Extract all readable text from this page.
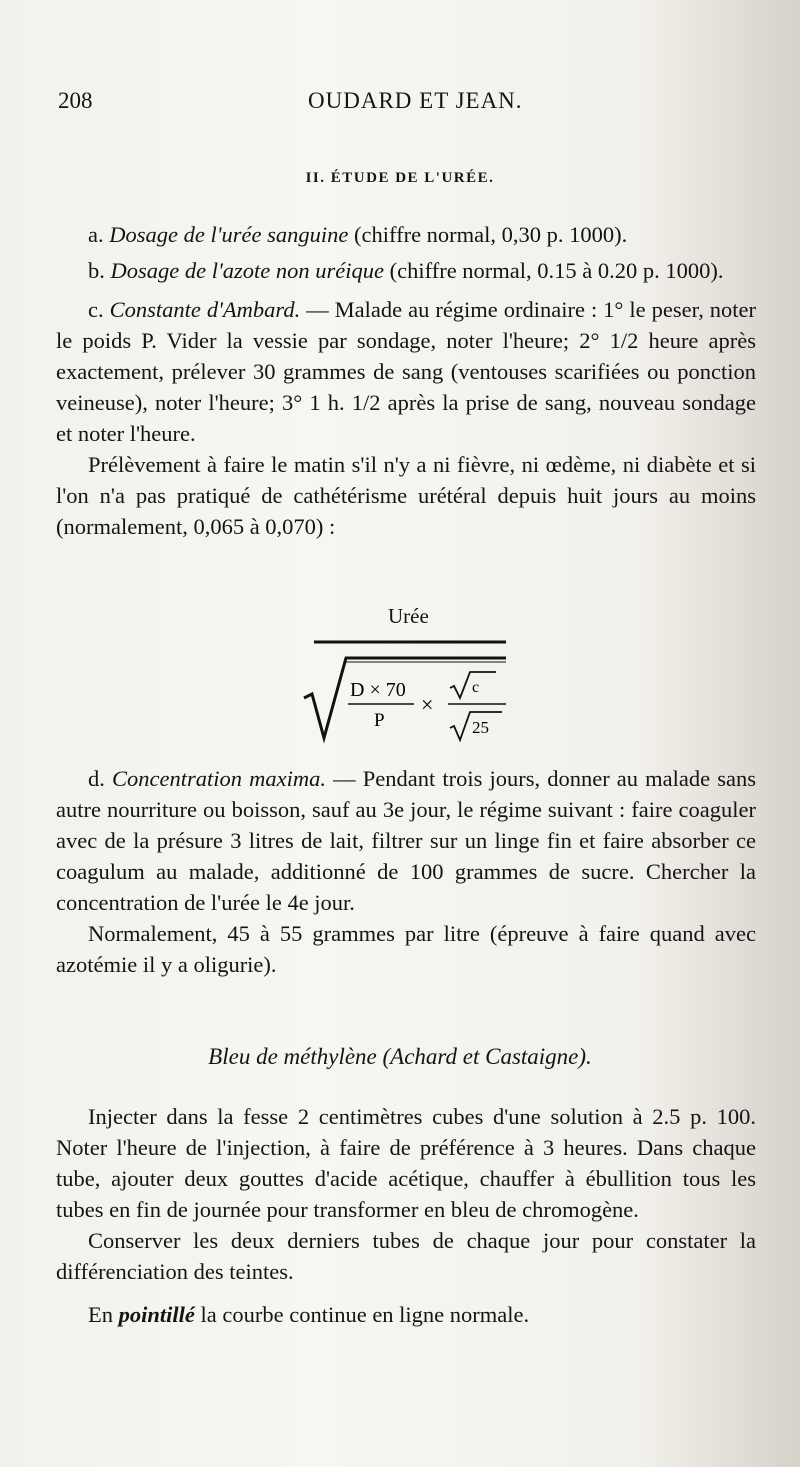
208	OUDARD ET JEAN.
II. ÉTUDE DE L'URÉE.

a. Dosage de l'urée sanguine (chiffre normal, 0,30 p. 1000).

b. Dosage de l'azote non uréique (chiffre normal, 0.15 à 0.20 p. 1000).

c. Constante d'Ambard. — Malade au régime ordinaire : 1° le peser, noter le poids P. Vider la vessie par sondage, noter l'heure; 2° 1/2 heure après exactement, prélever 30 grammes de sang (ventouses scarifiées ou ponction veineuse), noter l'heure; 3° 1 h. 1/2 après la prise de sang, nouveau sondage et noter l'heure.

Prélèvement à faire le matin s'il n'y a ni fièvre, ni œdème, ni diabète et si l'on n'a pas pratiqué de cathétérisme urétéral depuis huit jours au moins (normalement, 0,065 à 0,070) :

Urée
D × 70
P
×
c
25

d. Concentration maxima. — Pendant trois jours, donner au malade sans autre nourriture ou boisson, sauf au 3e jour, le régime suivant : faire coaguler avec de la présure 3 litres de lait, filtrer sur un linge fin et faire absorber ce coagulum au malade, additionné de 100 grammes de sucre. Chercher la concentration de l'urée le 4e jour.

Normalement, 45 à 55 grammes par litre (épreuve à faire quand avec azotémie il y a oligurie).

Bleu de méthylène (Achard et Castaigne).

Injecter dans la fesse 2 centimètres cubes d'une solution à 2.5 p. 100. Noter l'heure de l'injection, à faire de préférence à 3 heures. Dans chaque tube, ajouter deux gouttes d'acide acétique, chauffer à ébullition tous les tubes en fin de journée pour transformer en bleu de chromogène.

Conserver les deux derniers tubes de chaque jour pour constater la différenciation des teintes.

En pointillé la courbe continue en ligne normale.
